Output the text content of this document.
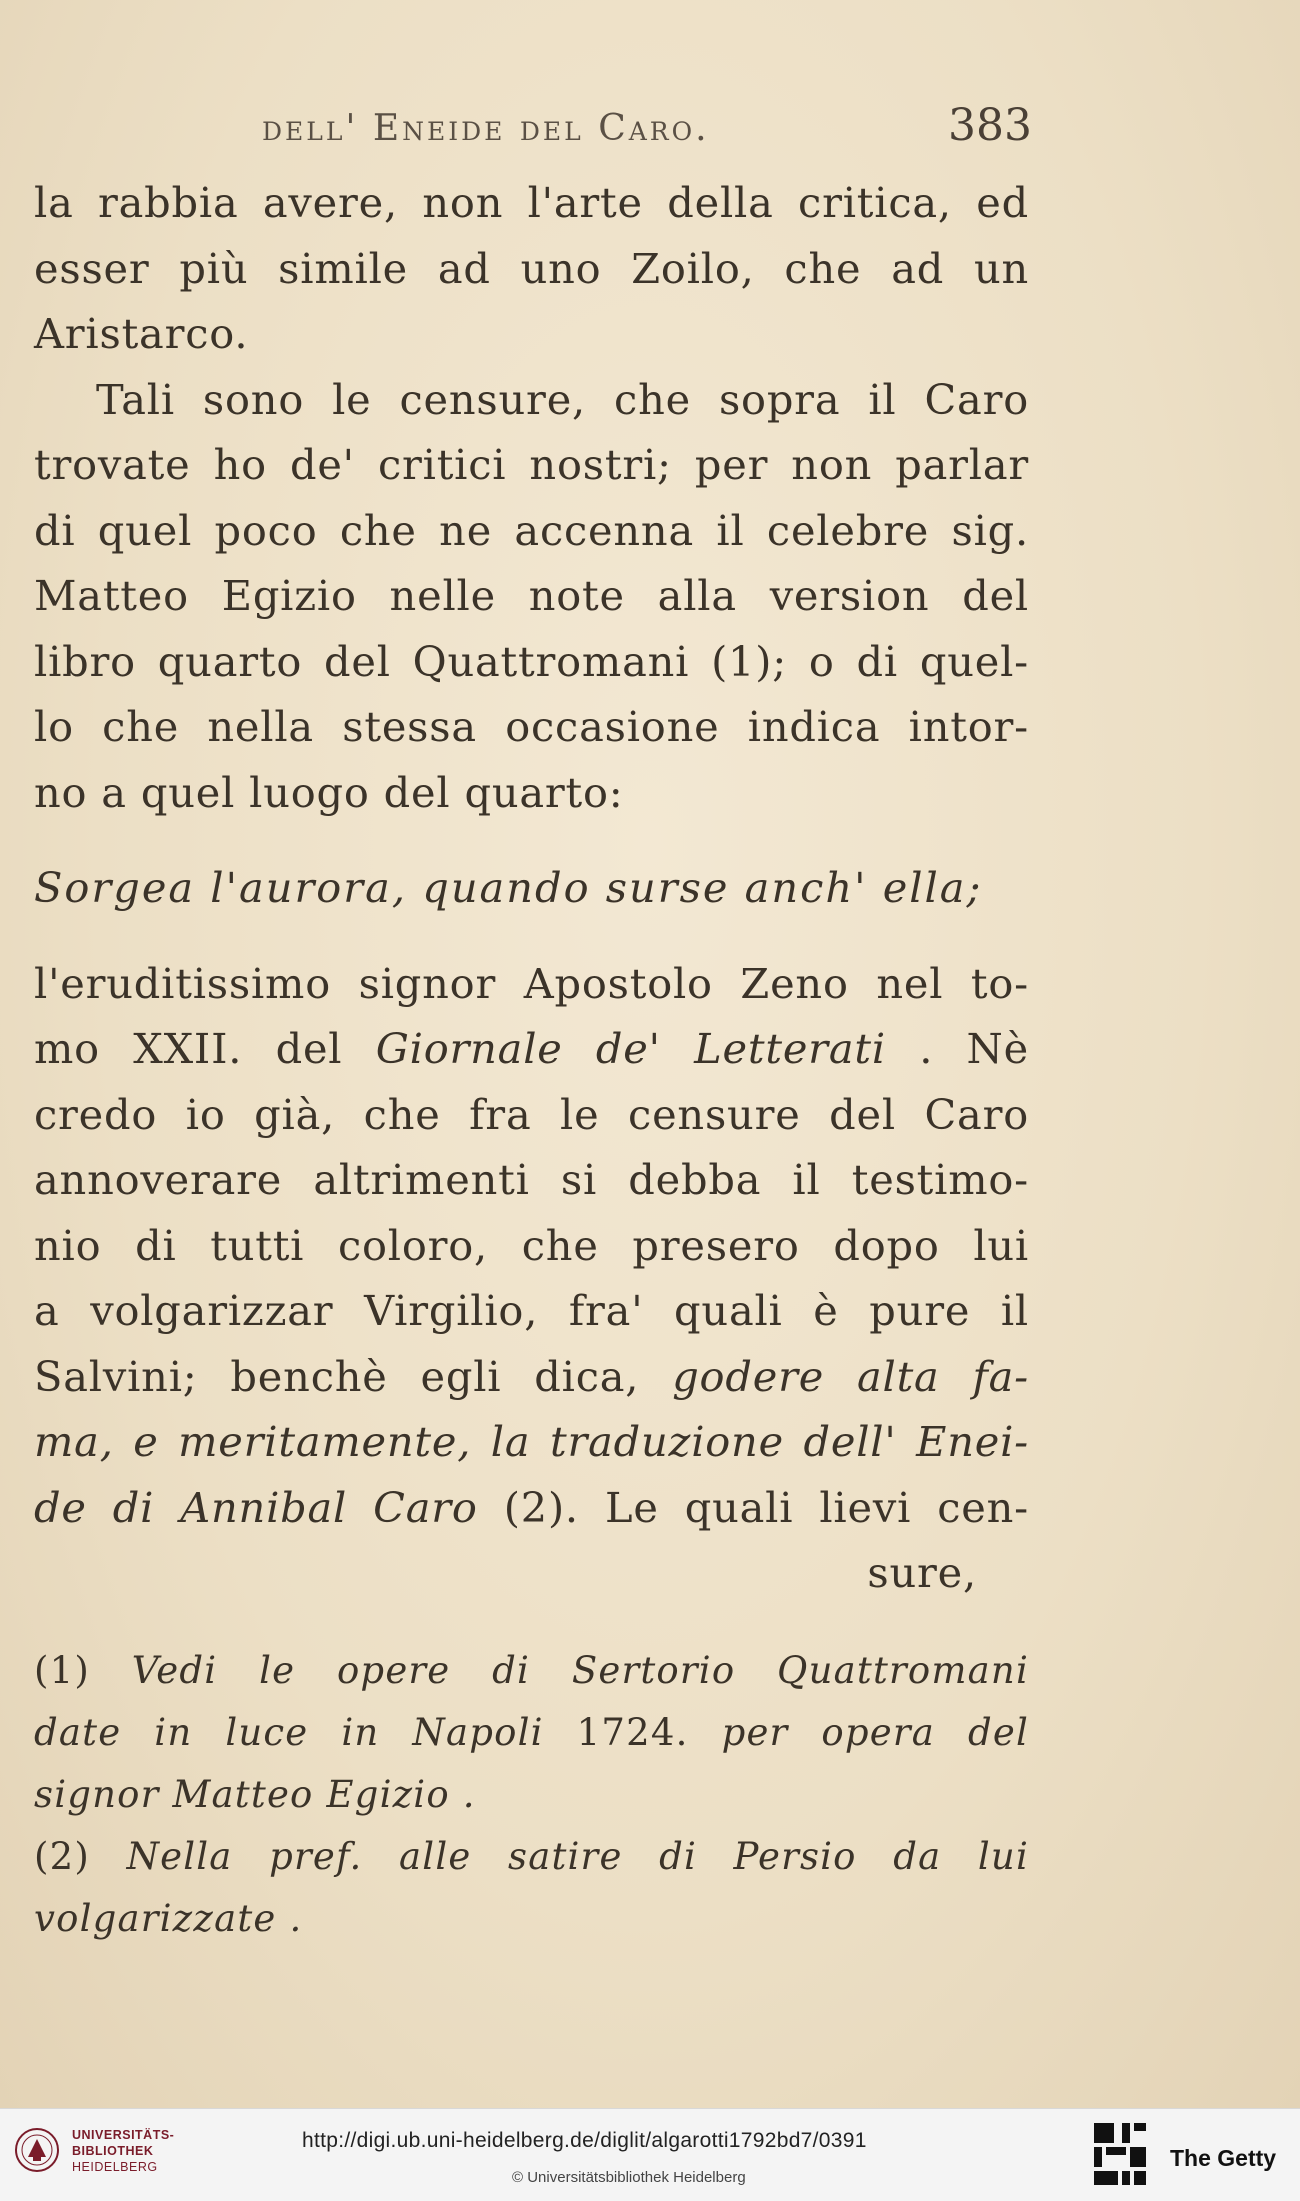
dell' Eneide del Caro.	383
la rabbia avere, non l'arte della critica, ed
esser più simile ad uno Zoilo, che ad un
Aristarco.
Tali sono le censure, che sopra il Caro
trovate ho de' critici nostri; per non parlar
di quel poco che ne accenna il celebre sig.
Matteo Egizio nelle note alla version del
libro quarto del Quattromani (1); o di quel-
lo che nella stessa occasione indica intor-
no a quel luogo del quarto:
Sorgea l'aurora, quando surse anch' ella;
l'eruditissimo signor Apostolo Zeno nel to-
mo XXII. del Giornale de' Letterati . Nè
credo io già, che fra le censure del Caro
annoverare altrimenti si debba il testimo-
nio di tutti coloro, che presero dopo lui
a volgarizzar Virgilio, fra' quali è pure il
Salvini; benchè egli dica, godere alta fa-
ma, e meritamente, la traduzione dell' Enei-
de di Annibal Caro (2). Le quali lievi cen-
sure,
(1) Vedi le opere di Sertorio Quattromani
date in luce in Napoli 1724. per opera del
signor Matteo Egizio .
(2) Nella pref. alle satire di Persio da lui
volgarizzate .
UNIVERSITÄTS-
BIBLIOTHEK
HEIDELBERG
http://digi.ub.uni-heidelberg.de/diglit/algarotti1792bd7/0391
© Universitätsbibliothek Heidelberg
The Getty
